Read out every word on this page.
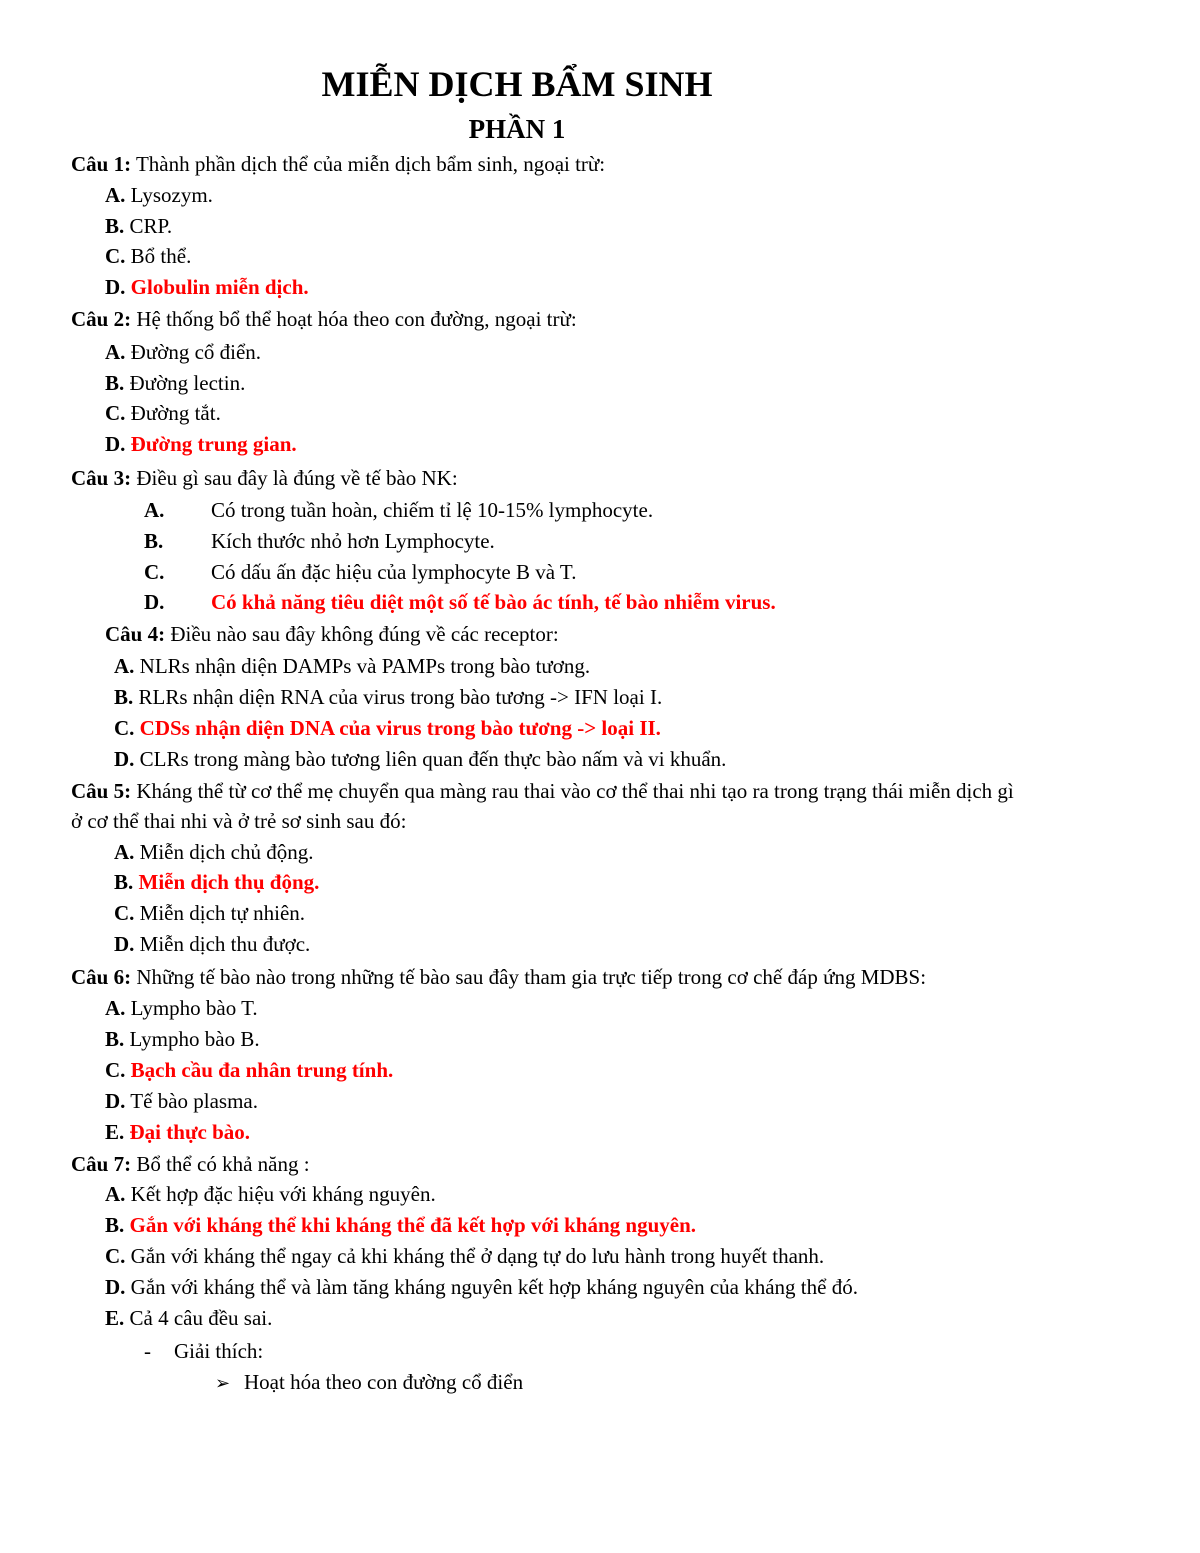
MIỄN DỊCH BẨM SINH
PHẦN 1
Câu 1: Thành phần dịch thể của miễn dịch bẩm sinh, ngoại trừ:
A. Lysozym.
B. CRP.
C. Bổ thể.
D. Globulin miễn dịch.
Câu 2: Hệ thống bổ thể hoạt hóa theo con đường, ngoại trừ:
A. Đường cổ điển.
B. Đường lectin.
C. Đường tắt.
D. Đường trung gian.
Câu 3: Điều gì sau đây là đúng về tế bào NK:
A. Có trong tuần hoàn, chiếm tỉ lệ 10-15% lymphocyte.
B. Kích thước nhỏ hơn Lymphocyte.
C. Có dấu ấn đặc hiệu của lymphocyte B và T.
D. Có khả năng tiêu diệt một số tế bào ác tính, tế bào nhiễm virus.
Câu 4: Điều nào sau đây không đúng về các receptor:
A. NLRs nhận diện DAMPs và PAMPs trong bào tương.
B. RLRs nhận diện RNA của virus trong bào tương -> IFN loại I.
C. CDSs nhận diện DNA của virus trong bào tương -> loại II.
D. CLRs trong màng bào tương liên quan đến thực bào nấm và vi khuẩn.
Câu 5: Kháng thể từ cơ thể mẹ chuyển qua màng rau thai vào cơ thể thai nhi tạo ra trong trạng thái miễn dịch gì
ở cơ thể thai nhi và ở trẻ sơ sinh sau đó:
A. Miễn dịch chủ động.
B. Miễn dịch thụ động.
C. Miễn dịch tự nhiên.
D. Miễn dịch thu được.
Câu 6: Những tế bào nào trong những tế bào sau đây tham gia trực tiếp trong cơ chế đáp ứng MDBS:
A. Lympho bào T.
B. Lympho bào B.
C. Bạch cầu đa nhân trung tính.
D. Tế bào plasma.
E. Đại thực bào.
Câu 7: Bổ thể có khả năng :
A. Kết hợp đặc hiệu với kháng nguyên.
B. Gắn với kháng thể khi kháng thể đã kết hợp với kháng nguyên.
C. Gắn với kháng thể ngay cả khi kháng thể ở dạng tự do lưu hành trong huyết thanh.
D. Gắn với kháng thể và làm tăng kháng nguyên kết hợp kháng nguyên của kháng thể đó.
E. Cả 4 câu đều sai.
- Giải thích:
➢ Hoạt hóa theo con đường cổ điển
